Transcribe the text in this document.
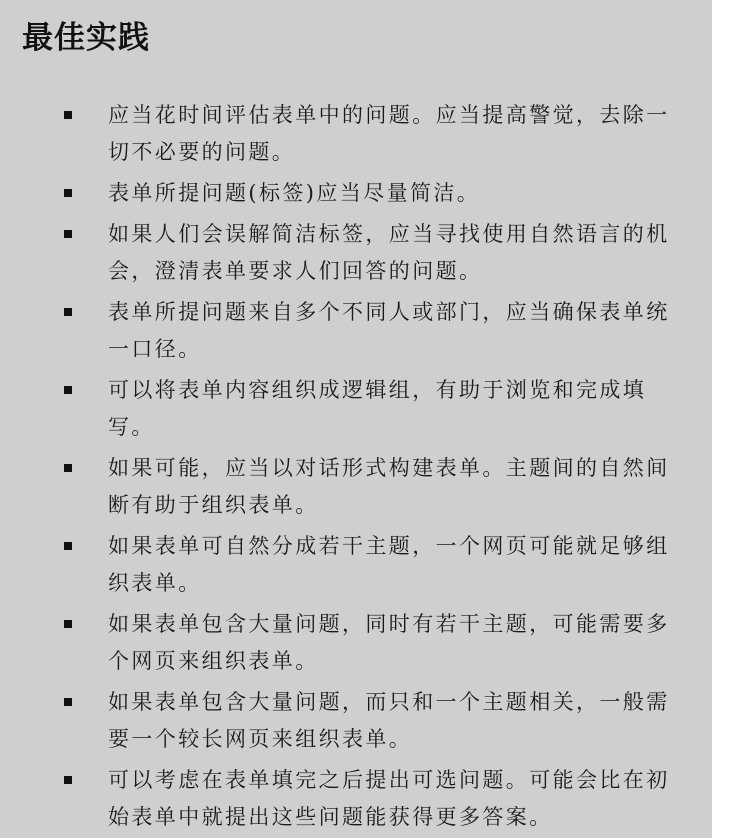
最佳实践
应当花时间评估表单中的问题。应当提高警觉，去除一切不必要的问题。
表单所提问题(标签)应当尽量简洁。
如果人们会误解简洁标签，应当寻找使用自然语言的机会，澄清表单要求人们回答的问题。
表单所提问题来自多个不同人或部门，应当确保表单统一口径。
可以将表单内容组织成逻辑组，有助于浏览和完成填写。
如果可能，应当以对话形式构建表单。主题间的自然间断有助于组织表单。
如果表单可自然分成若干主题，一个网页可能就足够组织表单。
如果表单包含大量问题，同时有若干主题，可能需要多个网页来组织表单。
如果表单包含大量问题，而只和一个主题相关，一般需要一个较长网页来组织表单。
可以考虑在表单填完之后提出可选问题。可能会比在初始表单中就提出这些问题能获得更多答案。
